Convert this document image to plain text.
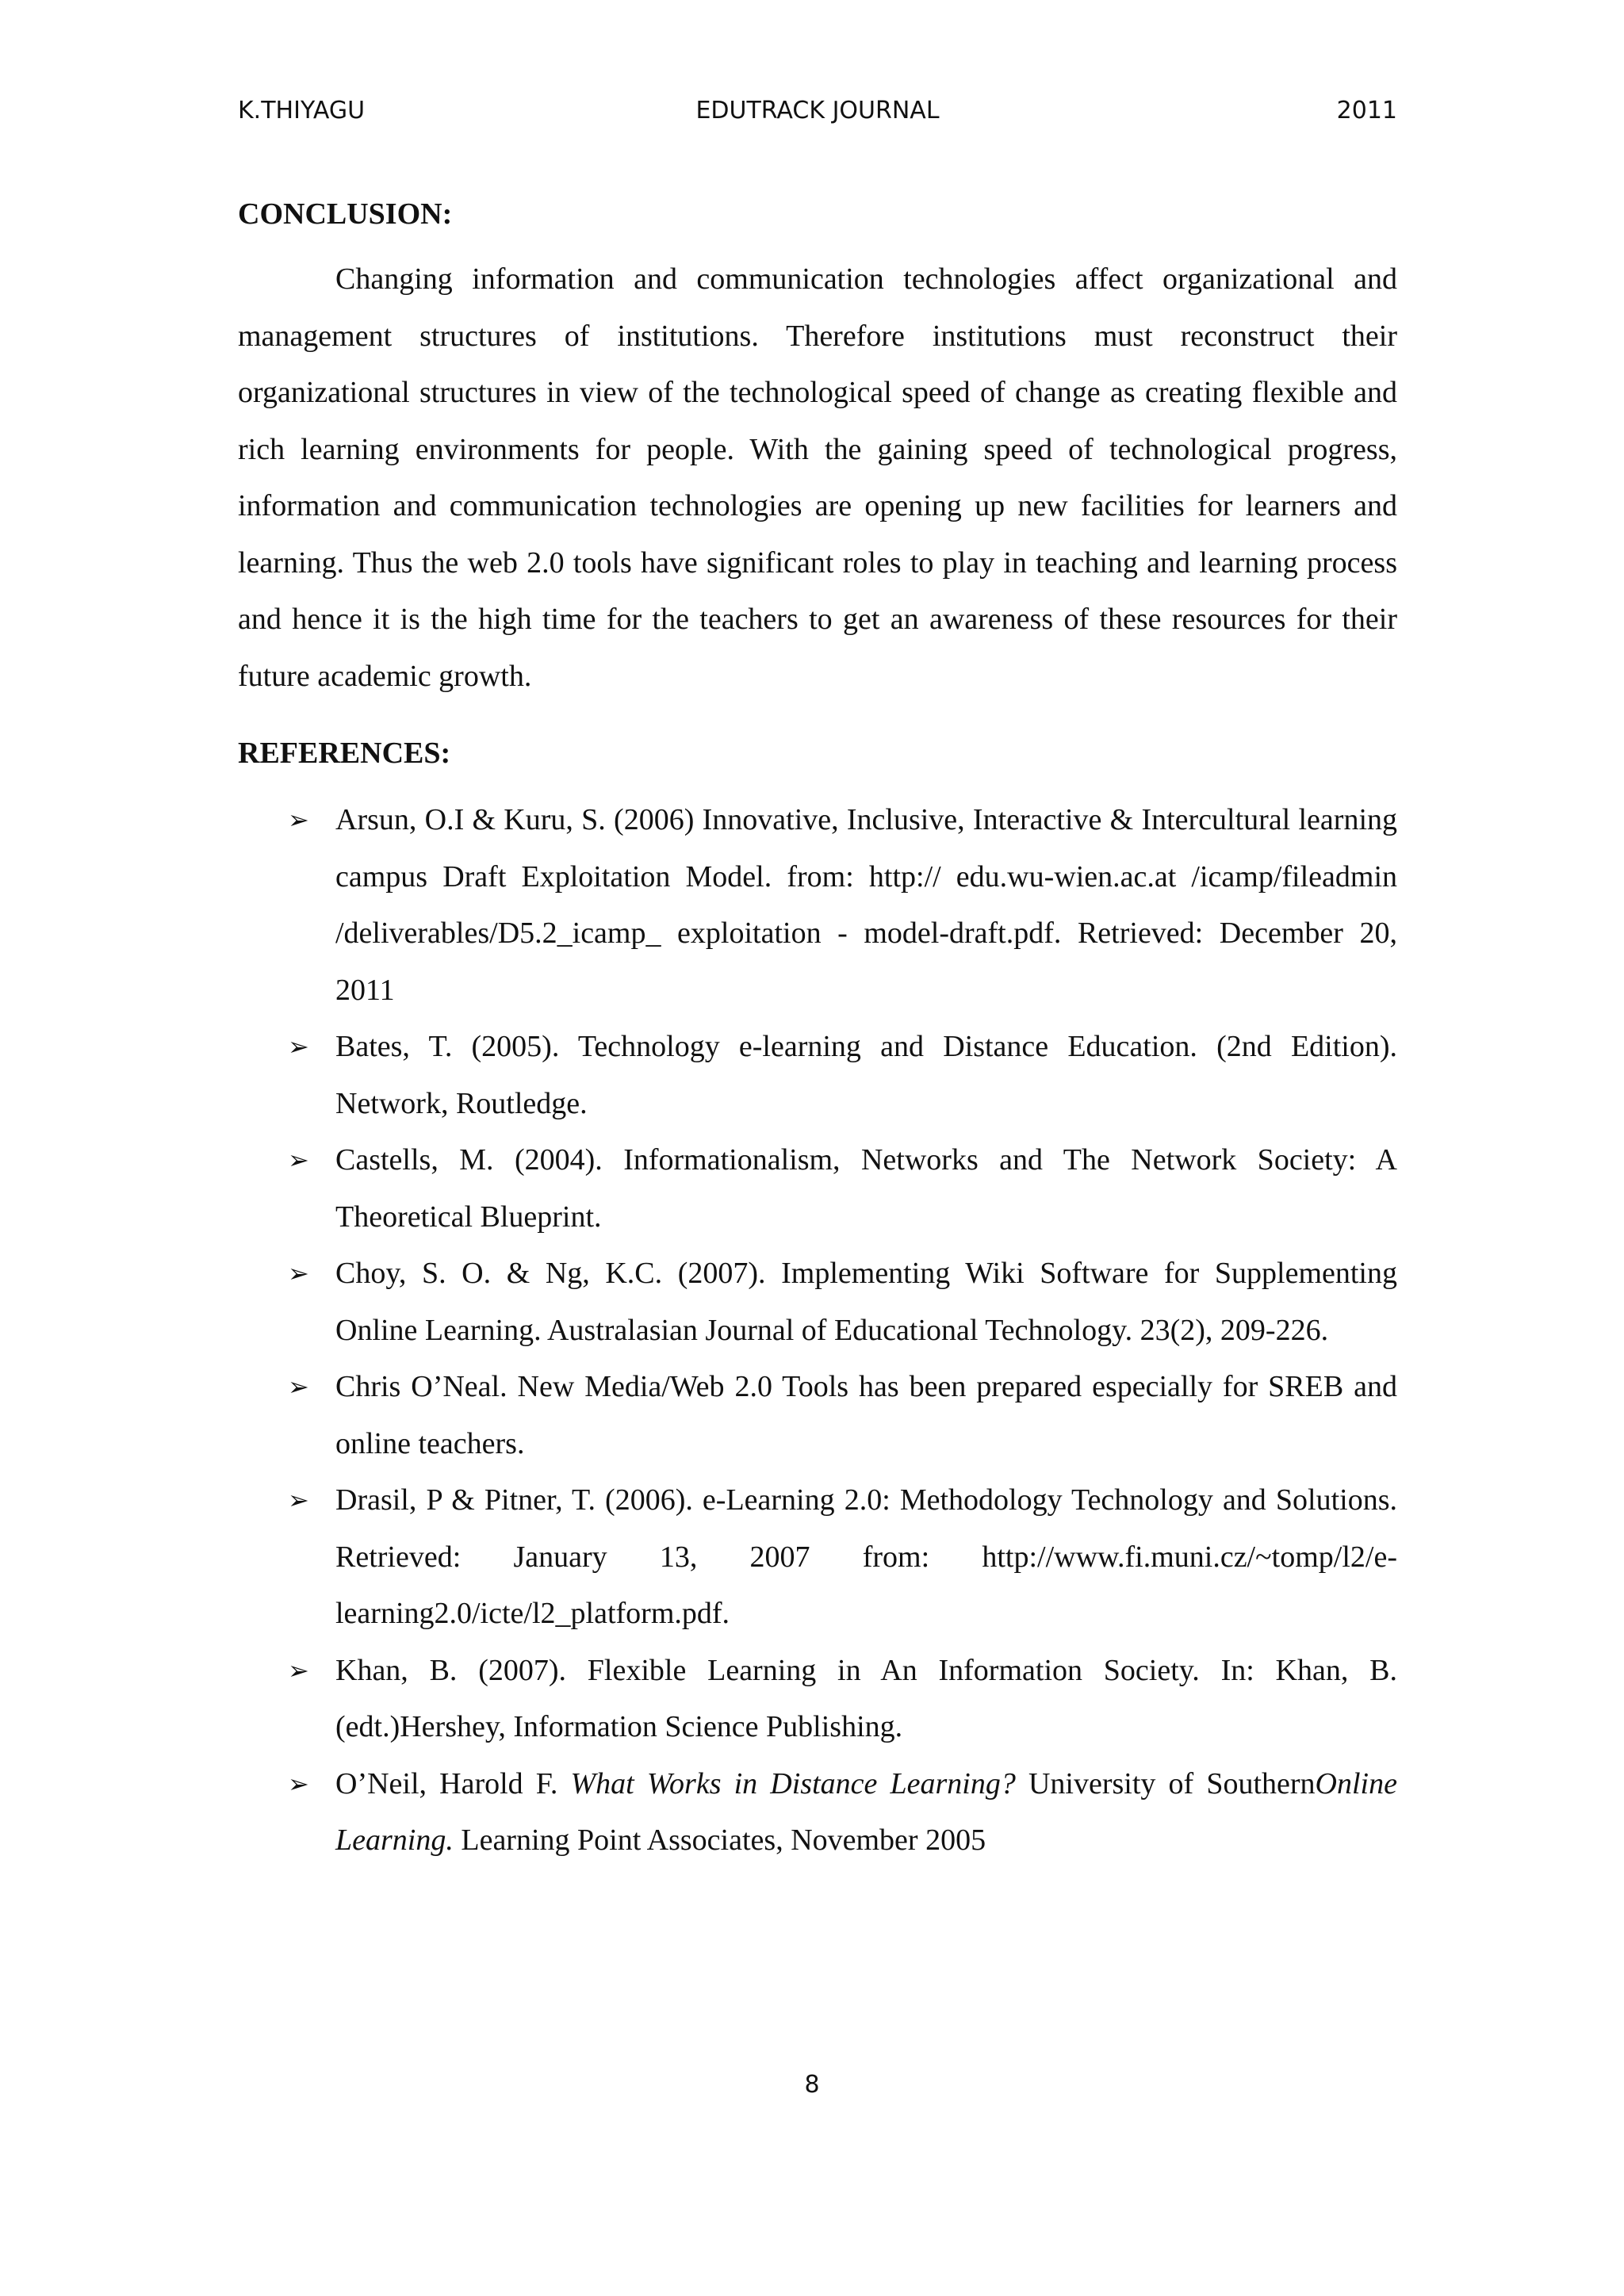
K.THIYAGU	EDUTRACK JOURNAL	2011
CONCLUSION:

Changing information and communication technologies affect organizational and management structures of institutions. Therefore institutions must reconstruct their organizational structures in view of the technological speed of change as creating flexible and rich learning environments for people. With the gaining speed of technological progress, information and communication technologies are opening up new facilities for learners and learning. Thus the web 2.0 tools have significant roles to play in teaching and learning process and hence it is the high time for the teachers to get an awareness of these resources for their future academic growth.

REFERENCES:
➢ Arsun, O.I & Kuru, S. (2006) Innovative, Inclusive, Interactive & Intercultural learning campus Draft Exploitation Model. from: http:// edu.wu-wien.ac.at /icamp/fileadmin /deliverables/D5.2_icamp_ exploitation - model-draft.pdf. Retrieved: December 20, 2011
➢ Bates, T. (2005). Technology e-learning and Distance Education. (2nd Edition). Network, Routledge.
➢ Castells, M. (2004). Informationalism, Networks and The Network Society: A Theoretical Blueprint.
➢ Choy, S. O. & Ng, K.C. (2007). Implementing Wiki Software for Supplementing Online Learning. Australasian Journal of Educational Technology. 23(2), 209-226.
➢ Chris O’Neal. New Media/Web 2.0 Tools has been prepared especially for SREB and online teachers.
➢ Drasil, P & Pitner, T. (2006). e-Learning 2.0: Methodology Technology and Solutions. Retrieved: January 13, 2007 from: http://www.fi.muni.cz/~tomp/l2/e-learning2.0/icte/l2_platform.pdf.
➢ Khan, B. (2007). Flexible Learning in An Information Society. In: Khan, B. (edt.)Hershey, Information Science Publishing.
➢ O’Neil, Harold F. What Works in Distance Learning? University of SouthernOnline Learning. Learning Point Associates, November 2005
8
